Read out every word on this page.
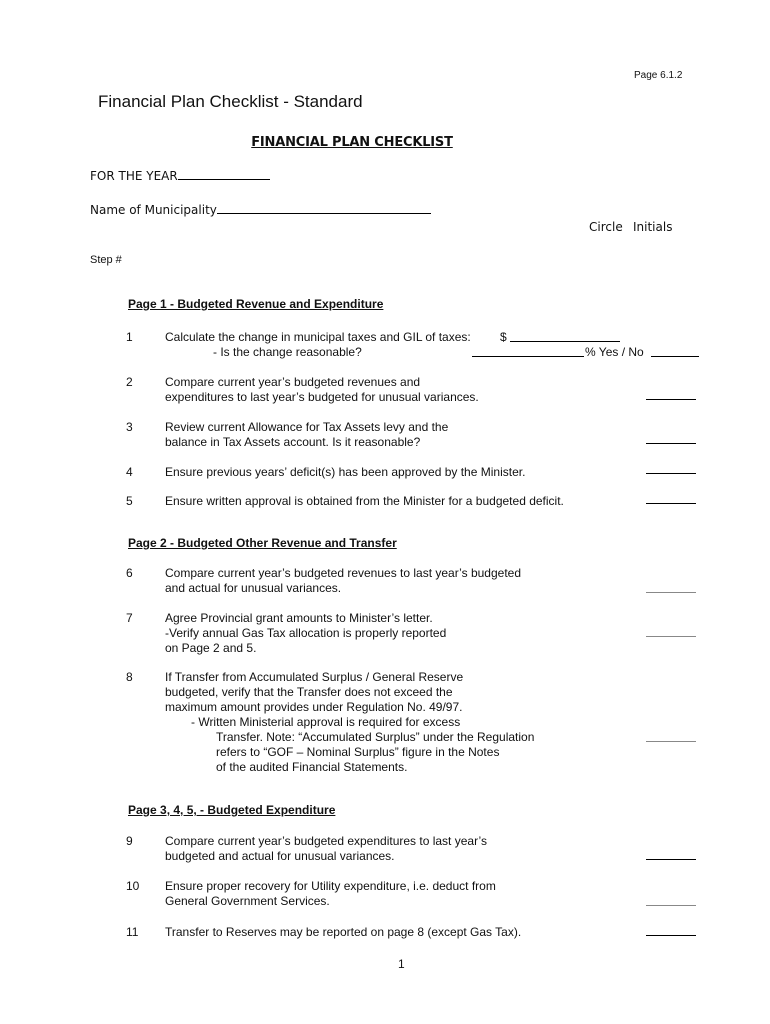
Page 6.1.2
Financial Plan Checklist - Standard
FINANCIAL PLAN CHECKLIST
FOR THE YEAR
Name of Municipality
Circle Initials
Step #
Page 1 - Budgeted Revenue and Expenditure
1	Calculate the change in municipal taxes and GIL of taxes: $
- Is the change reasonable?	% Yes / No
2	Compare current year’s budgeted revenues and
expenditures to last year’s budgeted for unusual variances.
3	Review current Allowance for Tax Assets levy and the
balance in Tax Assets account. Is it reasonable?
4	Ensure previous years’ deficit(s) has been approved by the Minister.
5	Ensure written approval is obtained from the Minister for a budgeted deficit.
Page 2 - Budgeted Other Revenue and Transfer
6	Compare current year’s budgeted revenues to last year’s budgeted
and actual for unusual variances.
7	Agree Provincial grant amounts to Minister’s letter.
-Verify annual Gas Tax allocation is properly reported
on Page 2 and 5.
8	If Transfer from Accumulated Surplus / General Reserve
budgeted, verify that the Transfer does not exceed the
maximum amount provides under Regulation No. 49/97.
- Written Ministerial approval is required for excess
Transfer. Note: “Accumulated Surplus” under the Regulation
refers to “GOF – Nominal Surplus” figure in the Notes
of the audited Financial Statements.
Page 3, 4, 5, - Budgeted Expenditure
9	Compare current year’s budgeted expenditures to last year’s
budgeted and actual for unusual variances.
10 Ensure proper recovery for Utility expenditure, i.e. deduct from
General Government Services.
11 Transfer to Reserves may be reported on page 8 (except Gas Tax).
1
